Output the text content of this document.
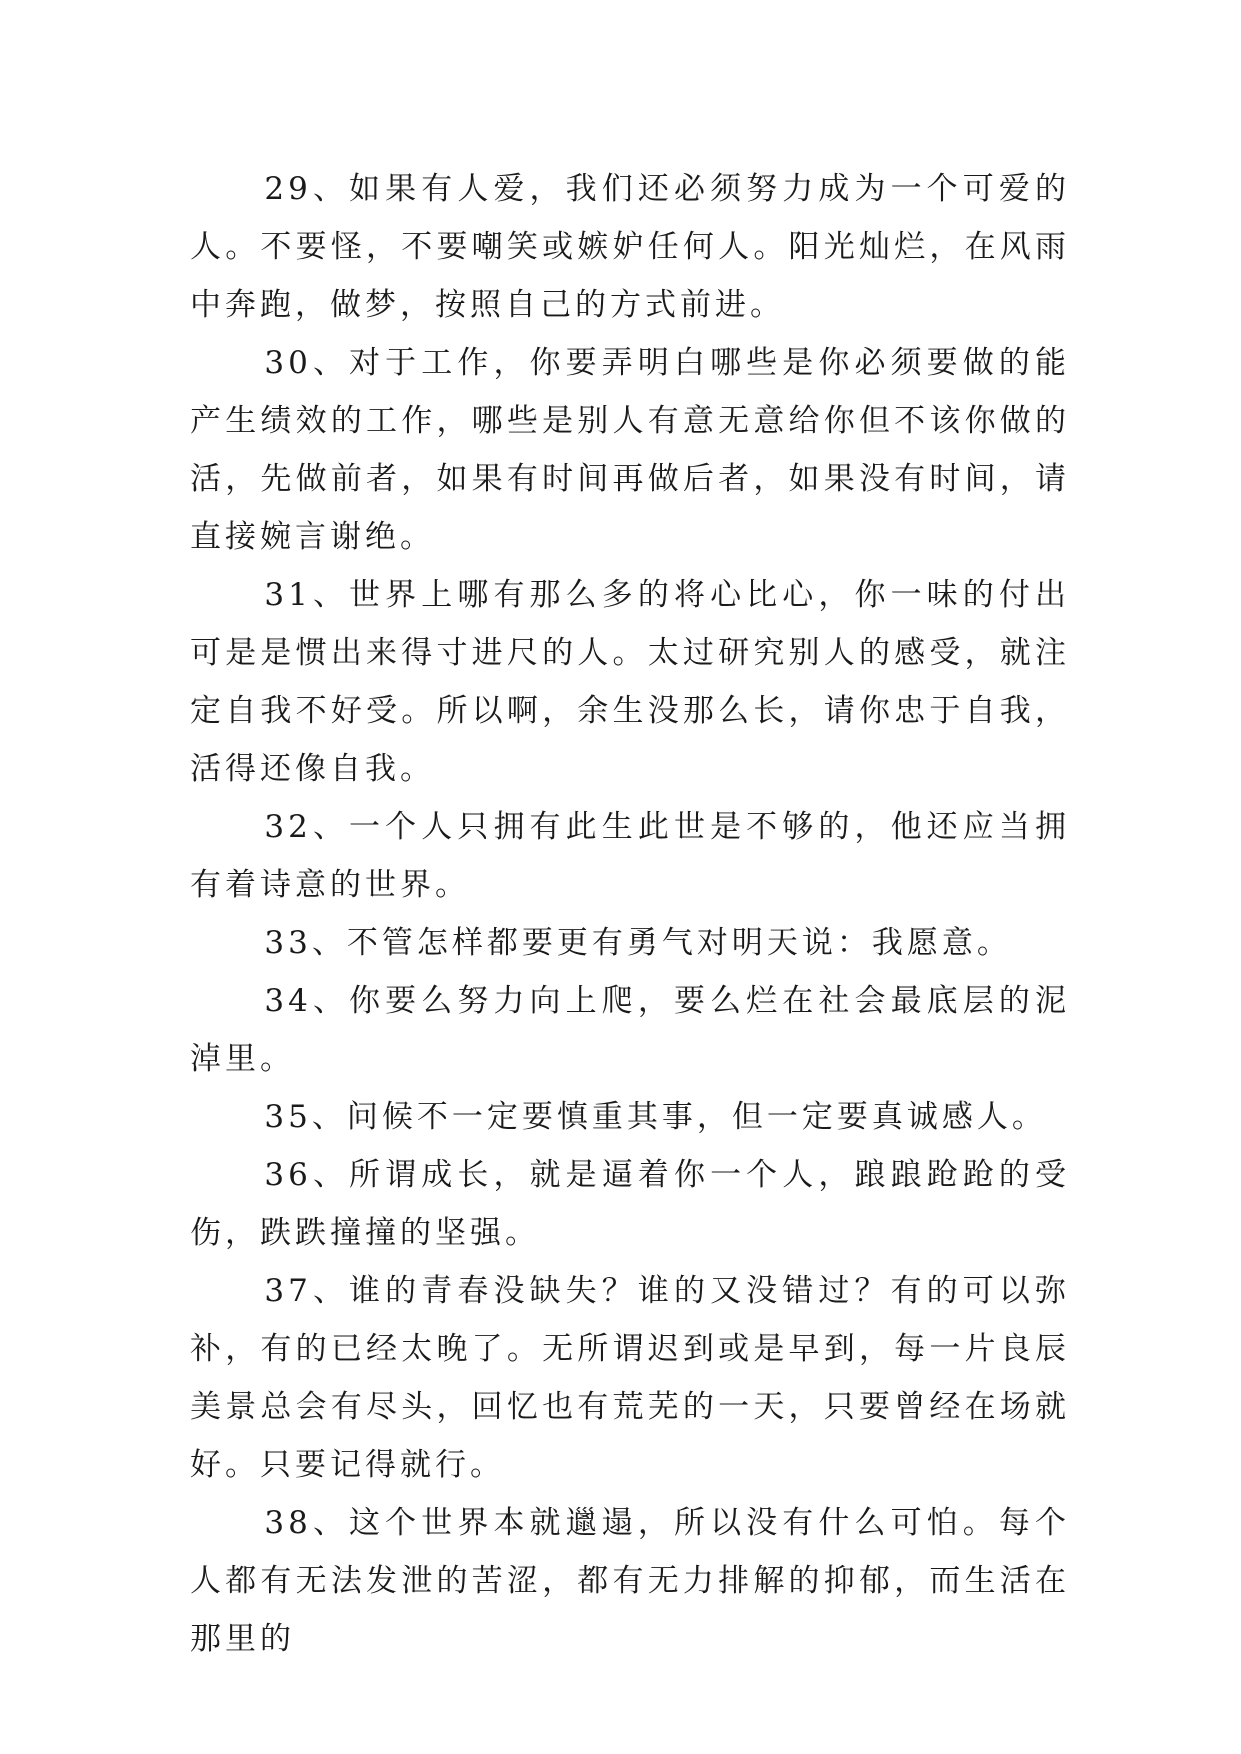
29、如果有人爱，我们还必须努力成为一个可爱的人。不要怪，不要嘲笑或嫉妒任何人。阳光灿烂，在风雨中奔跑，做梦，按照自己的方式前进。

30、对于工作，你要弄明白哪些是你必须要做的能产生绩效的工作，哪些是别人有意无意给你但不该你做的活，先做前者，如果有时间再做后者，如果没有时间，请直接婉言谢绝。

31、世界上哪有那么多的将心比心，你一味的付出可是是惯出来得寸进尺的人。太过研究别人的感受，就注定自我不好受。所以啊，余生没那么长，请你忠于自我，活得还像自我。

32、一个人只拥有此生此世是不够的，他还应当拥有着诗意的世界。

33、不管怎样都要更有勇气对明天说：我愿意。

34、你要么努力向上爬，要么烂在社会最底层的泥淖里。

35、问候不一定要慎重其事，但一定要真诚感人。

36、所谓成长，就是逼着你一个人，踉踉跄跄的受伤，跌跌撞撞的坚强。

37、谁的青春没缺失？谁的又没错过？有的可以弥补，有的已经太晚了。无所谓迟到或是早到，每一片良辰美景总会有尽头，回忆也有荒芜的一天，只要曾经在场就好。只要记得就行。

38、这个世界本就邋遢，所以没有什么可怕。每个人都有无法发泄的苦涩，都有无力排解的抑郁，而生活在那里的
